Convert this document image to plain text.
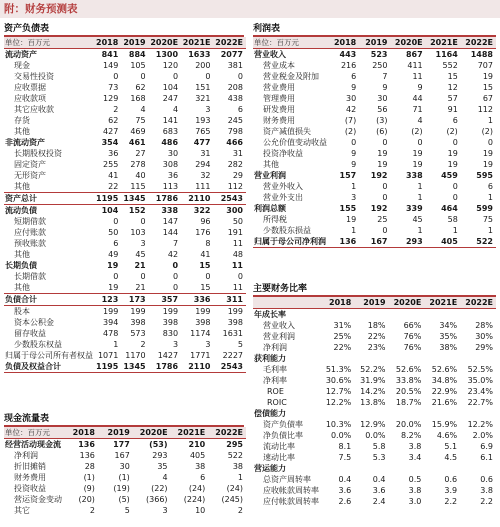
附：财务预测表
资产负债表
单位：百万元	2018	2019	2020E	2021E	2022E
流动资产	841	884	1300	1633	2077
现金	149	105	120	200	381
交易性投资	0	0	0	0	0
应收票据	73	62	104	151	208
应收款项	129	168	247	321	438
其它应收款	2	4	4	3	6
存货	62	75	141	193	245
其他	427	469	683	765	798
非流动资产	354	461	486	477	466
长期股权投资	36	27	30	31	31
固定资产	255	278	308	294	282
无形资产	41	40	36	32	29
其他	22	115	113	111	112
资产总计	1195	1345	1786	2110	2543
流动负债	104	152	338	322	300
短期借款	0	0	147	96	50
应付账款	50	103	144	176	191
预收账款	6	3	7	8	11
其他	49	45	42	41	48
长期负债	19	21	0	15	11
长期借款	0	0	0	0	0
其他	19	21	0	15	11
负债合计	123	173	357	336	311
股本	199	199	199	199	199
资本公积金	394	398	398	398	398
留存收益	478	573	830	1174	1631
少数股东权益	1	2	3	3	5
归属于母公司所有者权益	1071	1170	1427	1771	2227
负债及权益合计	1195	1345	1786	2110	2543
现金流量表
单位：百万元	2018	2019	2020E	2021E	2022E
经营活动现金流	136	177	(53)	210	295
净利润	136	167	293	405	522
折旧摊销	28	30	35	38	38
财务费用	(1)	(1)	4	6	1
投资收益	(9)	(19)	(22)	(24)	(24)
营运资金变动	(20)	(5)	(366)	(224)	(245)
其它	2	5	3	10	2
利润表
单位：百万元	2018	2019	2020E	2021E	2022E
营业收入	443	523	867	1164	1488
营业成本	216	250	411	552	707
营业税金及附加	6	7	11	15	19
营业费用	9	9	9	12	15
管理费用	30	30	44	57	67
研发费用	42	56	71	91	112
财务费用	(7)	(3)	4	6	1
资产减值损失	(2)	(6)	(2)	(2)	(2)
公允价值变动收益	0	0	0	0	0
投资净收益	9	19	19	19	19
其他	9	19	19	19	19
营业利润	157	192	338	459	595
营业外收入	1	0	1	0	6
营业外支出	3	0	1	0	1
利润总额	155	192	339	464	599
所得税	19	25	45	58	75
少数股东损益	1	0	1	1	1
归属于母公司净利润	136	167	293	405	522
主要财务比率
	2018	2019	2020E	2021E	2022E
年成长率					
营业收入	31%	18%	66%	34%	28%
营业利润	25%	22%	76%	35%	30%
净利润	22%	23%	76%	38%	29%
获利能力					
毛利率	51.3%	52.2%	52.6%	52.6%	52.5%
净利率	30.6%	31.9%	33.8%	34.8%	35.0%
ROE	12.7%	14.2%	20.5%	22.9%	23.4%
ROIC	12.2%	13.8%	18.7%	21.6%	22.7%
偿债能力					
资产负债率	10.3%	12.9%	20.0%	15.9%	12.2%
净负债比率	0.0%	0.0%	8.2%	4.6%	2.0%
流动比率	8.1	5.8	3.8	5.1	6.9
速动比率	7.5	5.3	3.4	4.5	6.1
营运能力					
总资产周转率	0.4	0.4	0.5	0.6	0.6
应收帐款周转率	3.6	3.6	3.8	3.9	3.8
应付帐款周转率	2.6	2.4	3.0	2.2	2.2
